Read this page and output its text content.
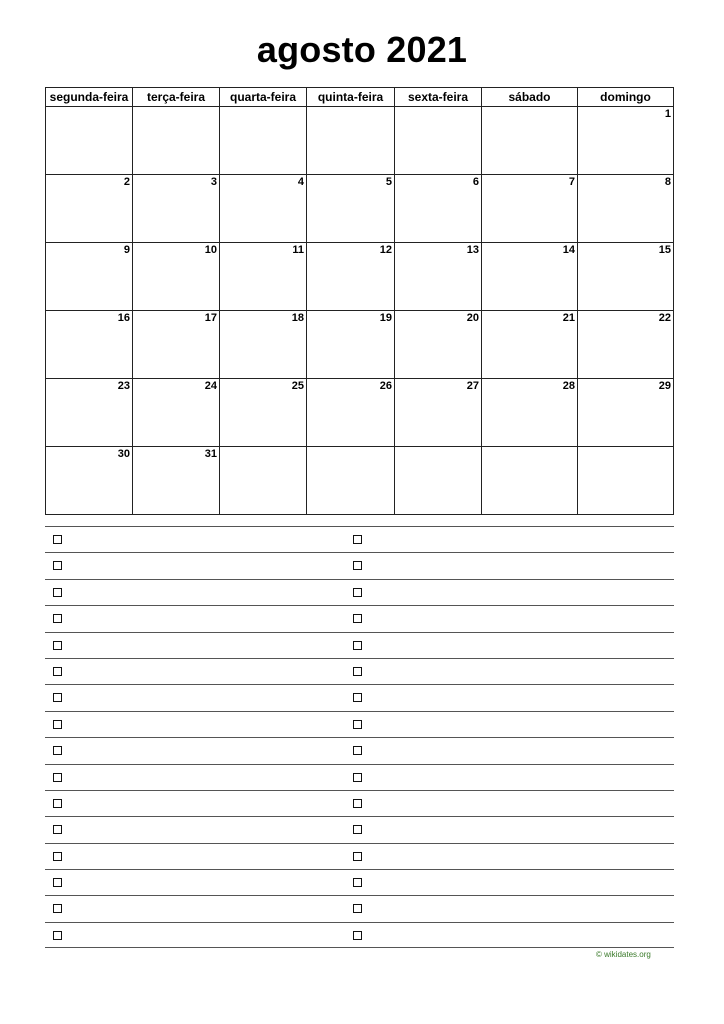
agosto 2021
segunda-feira	terça-feira	quarta-feira	quinta-feira	sexta-feira	sábado	domingo

						1

2	3	4	5	6	7	8

9	10	11	12	13	14	15

16	17	18	19	20	21	22

23	24	25	26	27	28	29

30	31					

© wikidates.org
